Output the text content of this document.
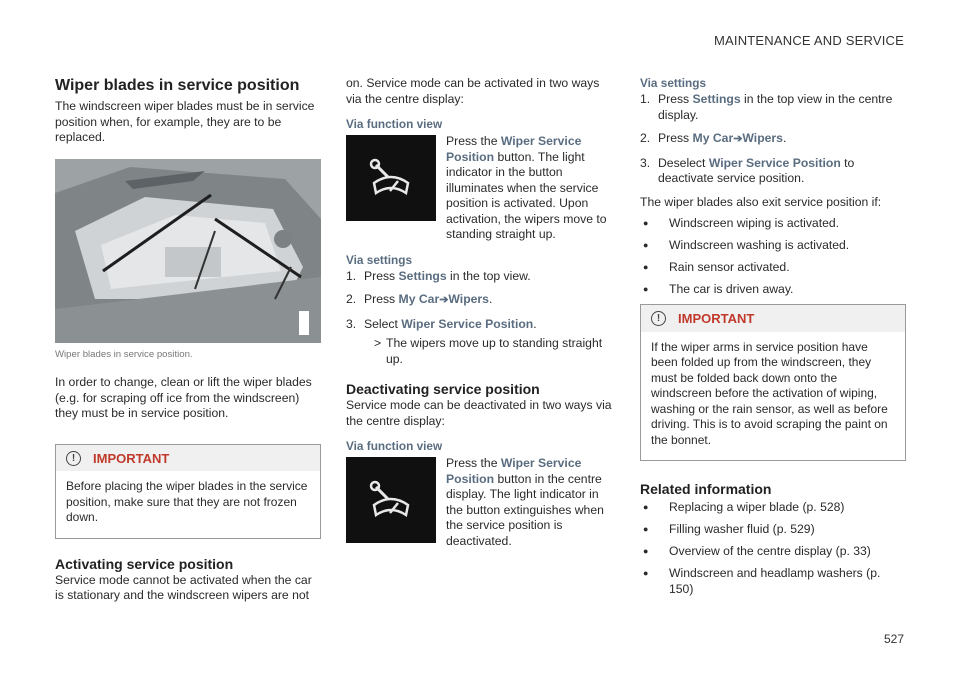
MAINTENANCE AND SERVICE
Wiper blades in service position

The windscreen wiper blades must be in service position when, for example, they are to be replaced.

Wiper blades in service position.

In order to change, clean or lift the wiper blades (e.g. for scraping off ice from the windscreen) they must be in service position.

!	IMPORTANT
Before placing the wiper blades in the service position, make sure that they are not frozen down.
Activating service position

Service mode cannot be activated when the car is stationary and the windscreen wipers are not

on. Service mode can be activated in two ways via the centre display:

Via function view
Press the Wiper Service Position button. The light indicator in the button illuminates when the service position is activated. Upon activation, the wipers move to standing straight up.
Via settings
1. Press Settings in the top view.
2. Press My Car➔Wipers.
3. Select Wiper Service Position.
> The wipers move up to standing straight up.
Deactivating service position

Service mode can be deactivated in two ways via the centre display:

Via function view
Press the Wiper Service Position button in the centre display. The light indicator in the button extinguishes when the service position is deactivated.
Via settings
1. Press Settings in the top view in the centre display.
2. Press My Car➔Wipers.
3. Deselect Wiper Service Position to deactivate service position.

The wiper blades also exit service position if:

●	Windscreen wiping is activated.
●	Windscreen washing is activated.
●	Rain sensor activated.
●	The car is driven away.
!	IMPORTANT
If the wiper arms in service position have been folded up from the windscreen, they must be folded back down onto the windscreen before the activation of wiping, washing or the rain sensor, as well as before driving. This is to avoid scraping the paint on the bonnet.
Related information
●	Replacing a wiper blade (p. 528)
●	Filling washer fluid (p. 529)
●	Overview of the centre display (p. 33)
●	Windscreen and headlamp washers (p. 150)
527
